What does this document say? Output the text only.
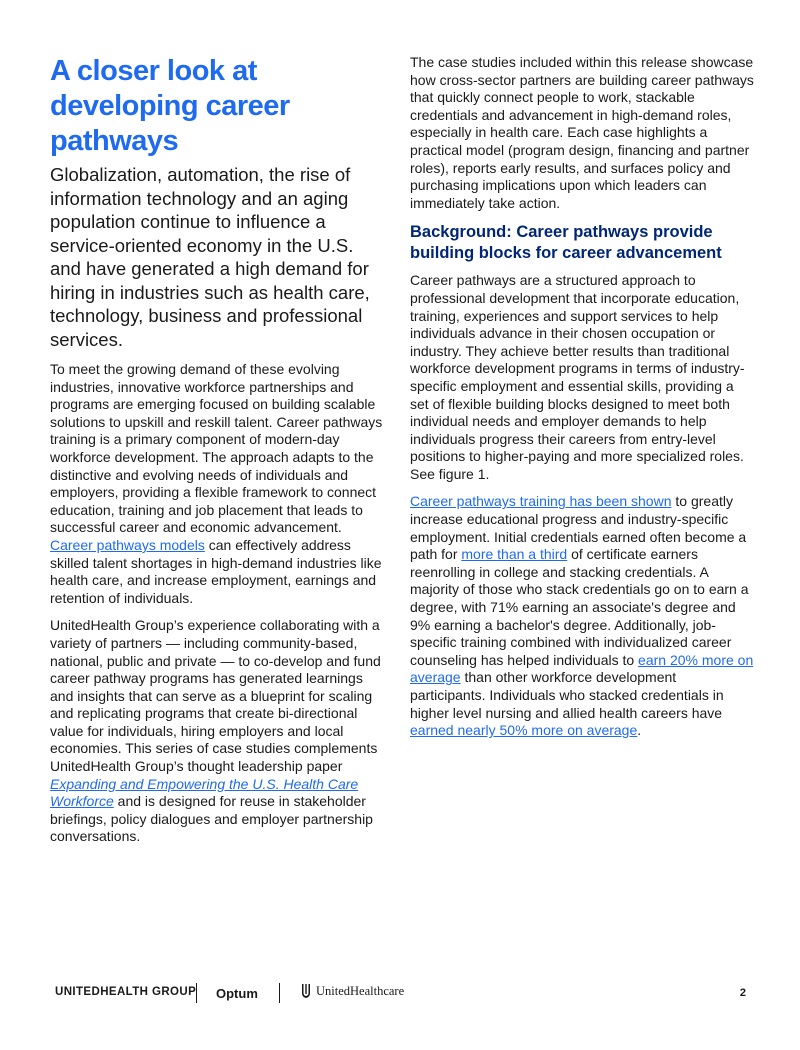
A closer look at
developing career
pathways

Globalization, automation, the rise of information technology and an aging population continue to influence a service-oriented economy in the U.S. and have generated a high demand for hiring in industries such as health care, technology, business and professional services.

To meet the growing demand of these evolving industries, innovative workforce partnerships and programs are emerging focused on building scalable solutions to upskill and reskill talent. Career pathways training is a primary component of modern-day workforce development. The approach adapts to the distinctive and evolving needs of individuals and employers, providing a flexible framework to connect education, training and job placement that leads to successful career and economic advancement. Career pathways models can effectively address skilled talent shortages in high-demand industries like health care, and increase employment, earnings and retention of individuals.

UnitedHealth Group’s experience collaborating with a variety of partners — including community-based, national, public and private — to co-develop and fund career pathway programs has generated learnings and insights that can serve as a blueprint for scaling and replicating programs that create bi-directional value for individuals, hiring employers and local economies. This series of case studies complements UnitedHealth Group’s thought leadership paper Expanding and Empowering the U.S. Health Care Workforce and is designed for reuse in stakeholder briefings, policy dialogues and employer partnership conversations.

The case studies included within this release showcase how cross-sector partners are building career pathways that quickly connect people to work, stackable credentials and advancement in high-demand roles, especially in health care. Each case highlights a practical model (program design, financing and partner roles), reports early results, and surfaces policy and purchasing implications upon which leaders can immediately take action.

Background: Career pathways provide building blocks for career advancement

Career pathways are a structured approach to professional development that incorporate education, training, experiences and support services to help individuals advance in their chosen occupation or industry. They achieve better results than traditional workforce development programs in terms of industry-specific employment and essential skills, providing a set of flexible building blocks designed to meet both individual needs and employer demands to help individuals progress their careers from entry-level positions to higher-paying and more specialized roles. See figure 1.

Career pathways training has been shown to greatly increase educational progress and industry-specific employment. Initial credentials earned often become a path for more than a third of certificate earners reenrolling in college and stacking credentials. A majority of those who stack credentials go on to earn a degree, with 71% earning an associate's degree and 9% earning a bachelor's degree. Additionally, job-specific training combined with individualized career counseling has helped individuals to earn 20% more on average than other workforce development participants. Individuals who stacked credentials in higher level nursing and allied health careers have earned nearly 50% more on average.

UNITEDHEALTH GROUP Optum	UnitedHealthcare	2
